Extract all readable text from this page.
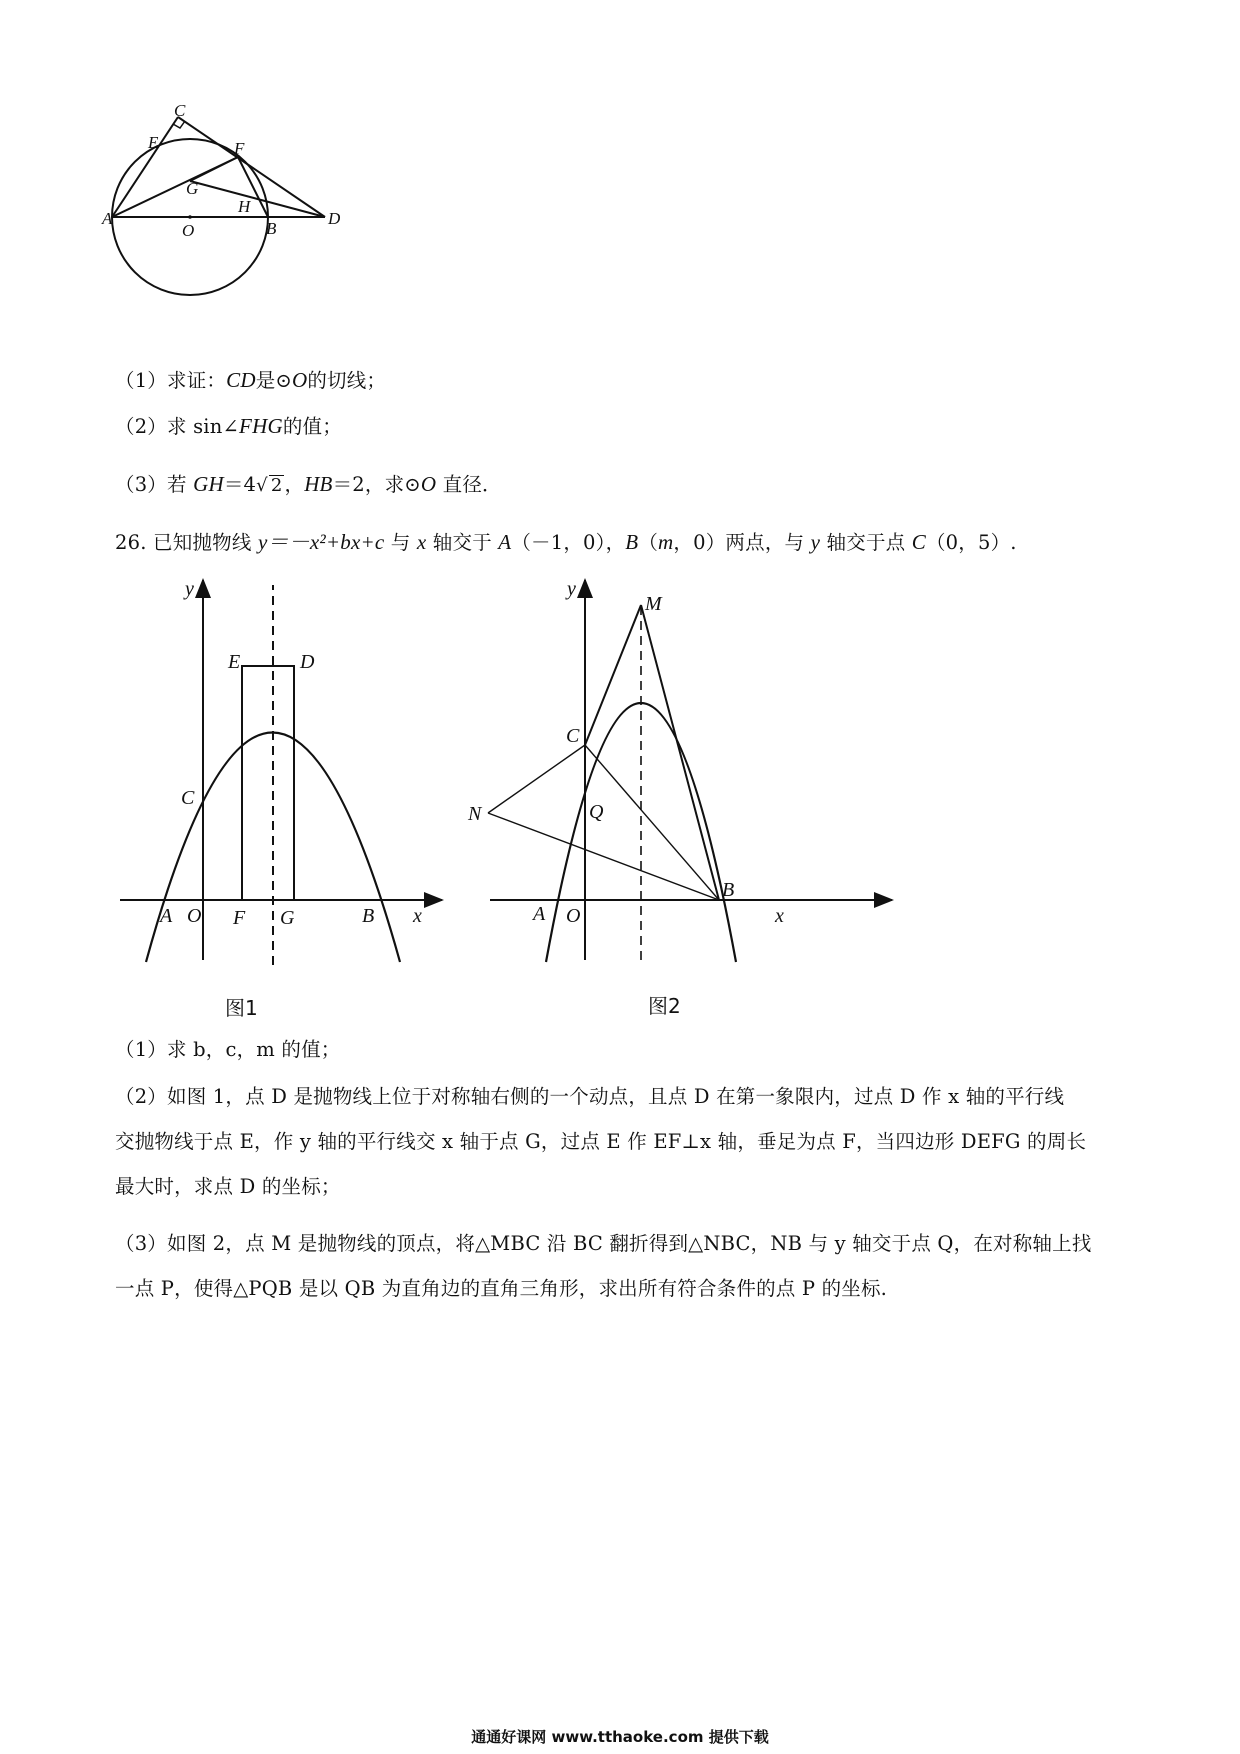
C
E	F
G
H
A
O	B
D
（1）求证：CD是⊙O的切线；
（2）求 sin∠FHG的值；
（3）若 GH＝4√ 2 ，HB＝2，求⊙O 直径．
26. 已知抛物线 y＝－x²+bx+c 与 x 轴交于 A（－1，0），B（m，0）两点，与 y 轴交于点 C（0，5）.
y
x
E	D
C
A O F G	B
图1
y
x
M
C
N	Q
A O
B
图2
（1）求 b，c，m 的值；
（2）如图 1，点 D 是抛物线上位于对称轴右侧的一个动点，且点 D 在第一象限内，过点 D 作 x 轴的平行线
交抛物线于点 E，作 y 轴的平行线交 x 轴于点 G，过点 E 作 EF⊥x 轴，垂足为点 F，当四边形 DEFG 的周长
最大时，求点 D 的坐标；
（3）如图 2，点 M 是抛物线的顶点，将△MBC 沿 BC 翻折得到△NBC，NB 与 y 轴交于点 Q，在对称轴上找
一点 P，使得△PQB 是以 QB 为直角边的直角三角形，求出所有符合条件的点 P 的坐标.
通通好课网 www.tthaoke.com 提供下载
